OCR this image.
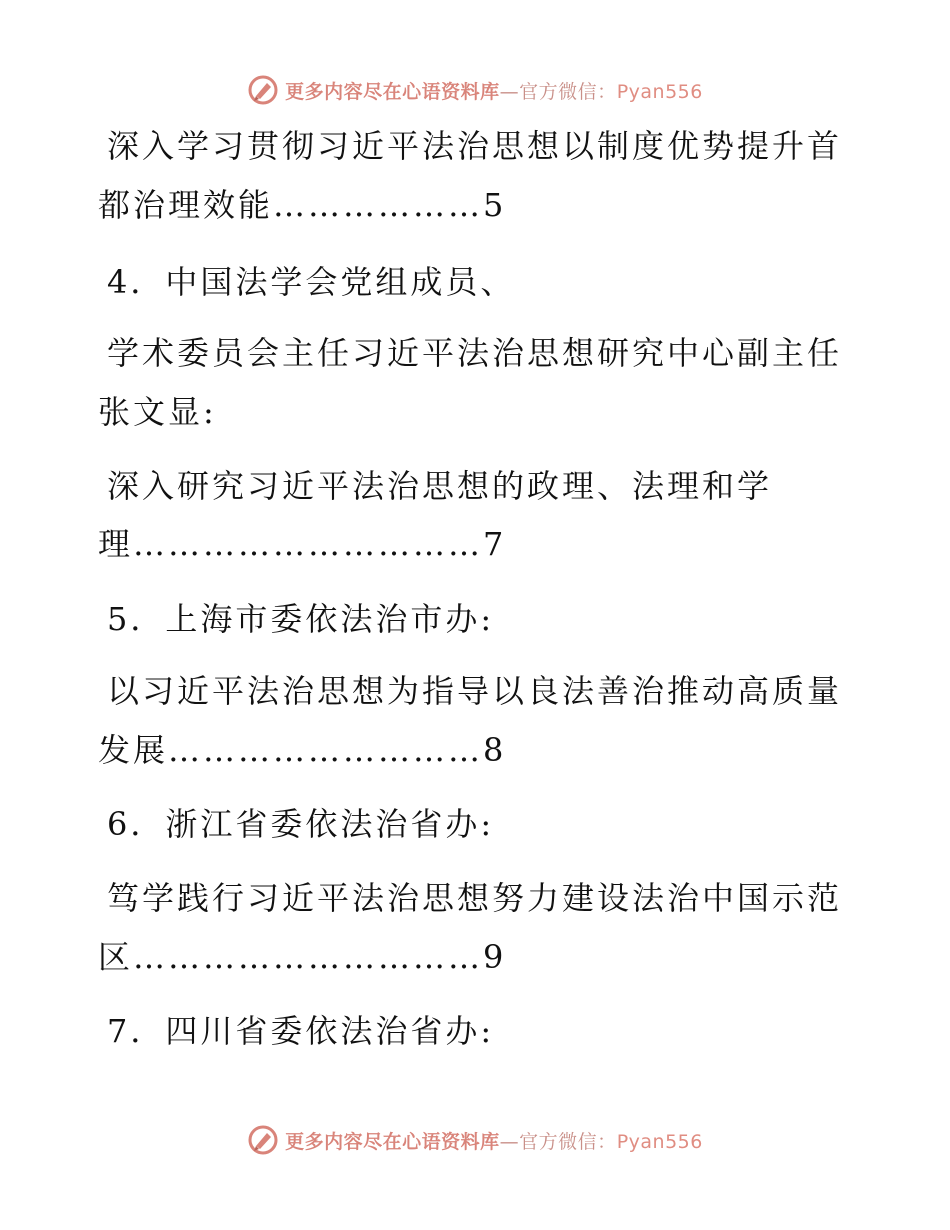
更多内容尽在心语资料库—官方微信：Pyan556
深入学习贯彻习近平法治思想以制度优势提升首
都治理效能………………5
4．中国法学会党组成员、
学术委员会主任习近平法治思想研究中心副主任
张文显:
深入研究习近平法治思想的政理、法理和学
理…………………………7
5．上海市委依法治市办:
以习近平法治思想为指导以良法善治推动高质量
发展………………………8
6．浙江省委依法治省办:
笃学践行习近平法治思想努力建设法治中国示范
区…………………………9
7．四川省委依法治省办:
更多内容尽在心语资料库—官方微信：Pyan556
